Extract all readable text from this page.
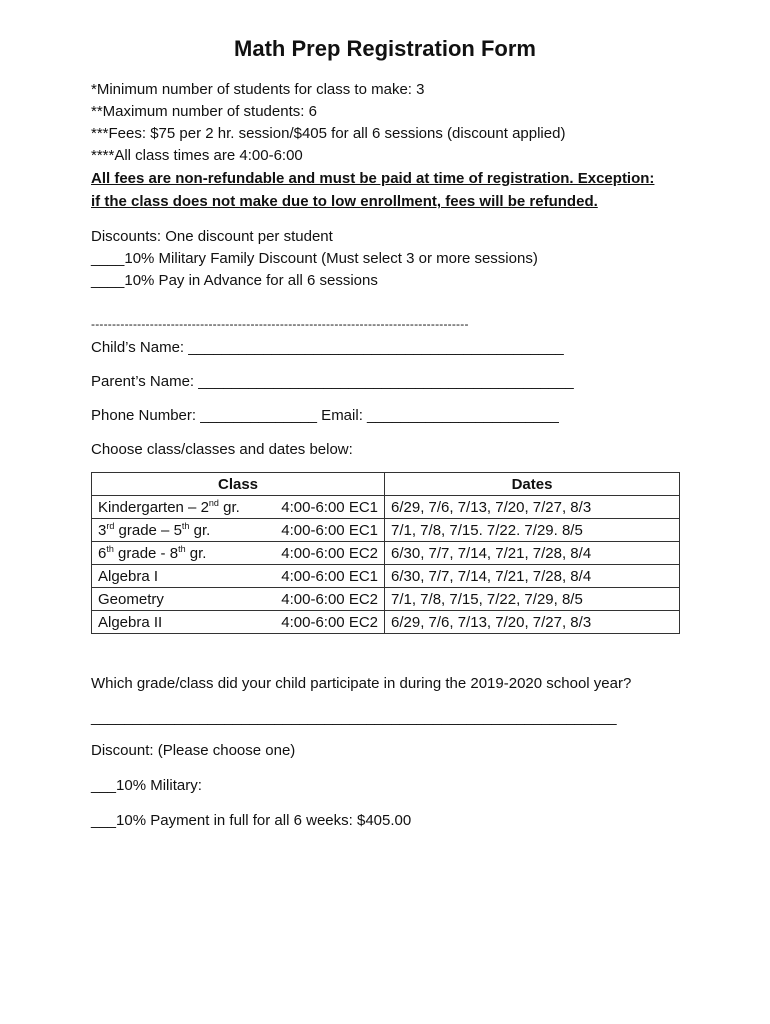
Math Prep Registration Form
*Minimum number of students for class to make: 3
**Maximum number of students: 6
***Fees: $75 per 2 hr. session/$405 for all 6 sessions (discount applied)
****All class times are 4:00-6:00
All fees are non-refundable and must be paid at time of registration. Exception:
if the class does not make due to low enrollment, fees will be refunded.
Discounts: One discount per student
____10% Military Family Discount (Must select 3 or more sessions)
____10% Pay in Advance for all 6 sessions
------------------------------------------------------------------------------------------
Child’s Name: _____________________________________________
Parent’s Name: _____________________________________________
Phone Number: ______________ Email: _______________________
Choose class/classes and dates below:
Class	Dates
Kindergarten – 2nd gr. 4:00-6:00 EC1	6/29, 7/6, 7/13, 7/20, 7/27, 8/3
3rd grade – 5th gr. 4:00-6:00 EC1	7/1, 7/8, 7/15. 7/22. 7/29. 8/5
6th grade - 8th gr. 4:00-6:00 EC2	6/30, 7/7, 7/14, 7/21, 7/28, 8/4
Algebra I 4:00-6:00 EC1	6/30, 7/7, 7/14, 7/21, 7/28, 8/4
Geometry 4:00-6:00 EC2	7/1, 7/8, 7/15, 7/22, 7/29, 8/5
Algebra II 4:00-6:00 EC2	6/29, 7/6, 7/13, 7/20, 7/27, 8/3
Which grade/class did your child participate in during the 2019-2020 school year?
_______________________________________________________________
Discount: (Please choose one)
___10% Military:
___10% Payment in full for all 6 weeks: $405.00
